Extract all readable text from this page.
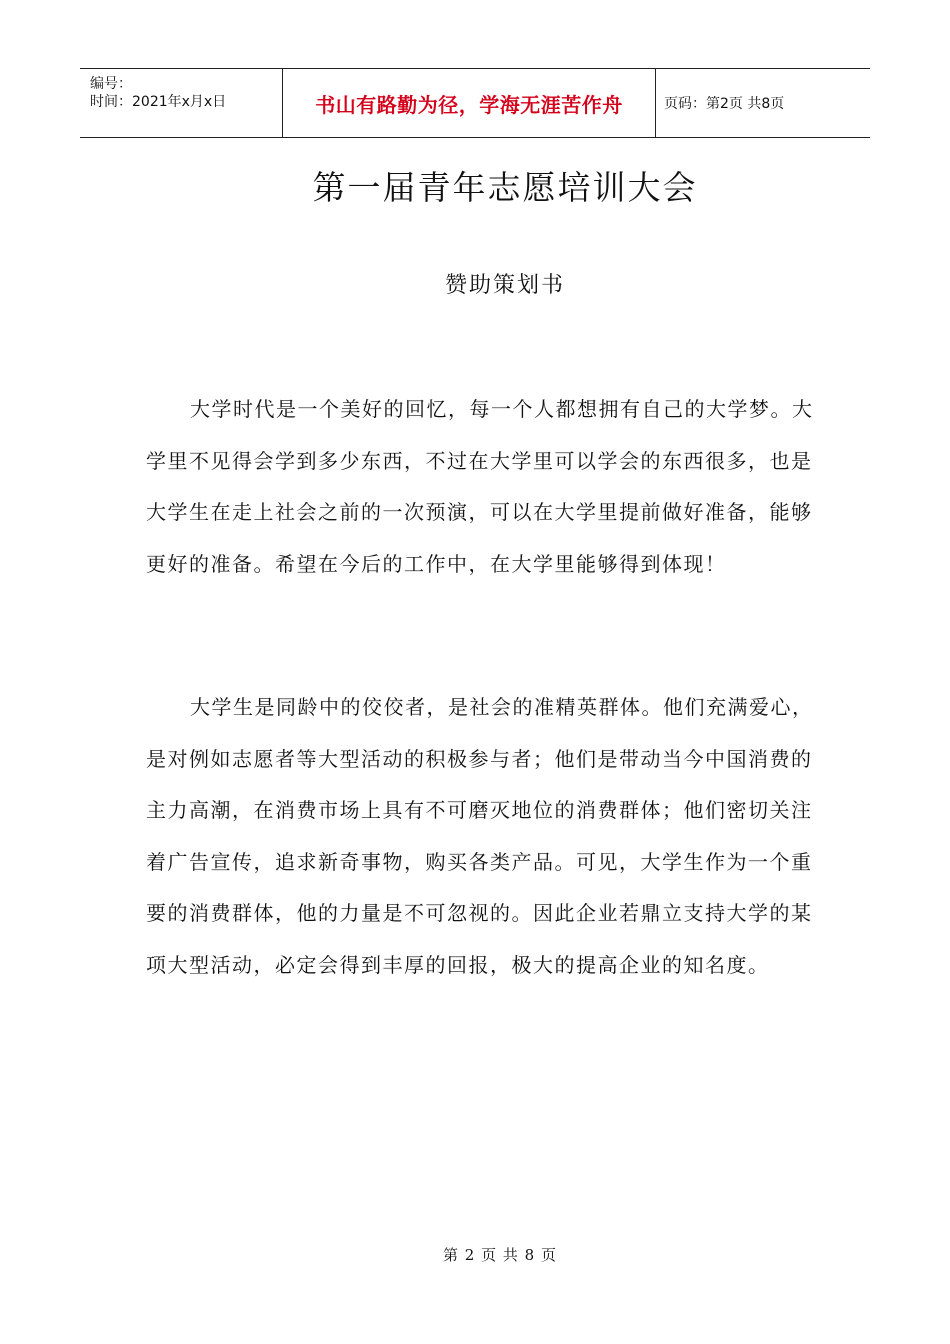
编号：
时间：2021年x月x日	书山有路勤为径，学海无涯苦作舟	页码：第2页 共8页
第一届青年志愿培训大会
赞助策划书

大学时代是一个美好的回忆，每一个人都想拥有自己的大学梦。大学里不见得会学到多少东西，不过在大学里可以学会的东西很多，也是大学生在走上社会之前的一次预演，可以在大学里提前做好准备，能够更好的准备。希望在今后的工作中，在大学里能够得到体现！

大学生是同龄中的佼佼者，是社会的准精英群体。他们充满爱心，是对例如志愿者等大型活动的积极参与者；他们是带动当今中国消费的主力高潮，在消费市场上具有不可磨灭地位的消费群体；他们密切关注着广告宣传，追求新奇事物，购买各类产品。可见，大学生作为一个重要的消费群体，他的力量是不可忽视的。因此企业若鼎立支持大学的某项大型活动，必定会得到丰厚的回报，极大的提高企业的知名度。

第 2 页 共 8 页
